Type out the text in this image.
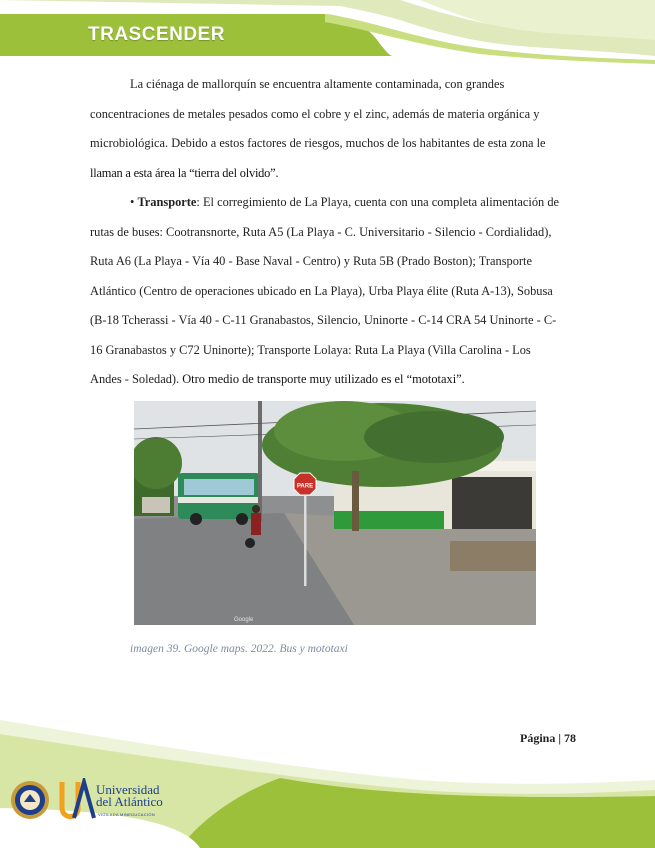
TRASCENDER
La ciénaga de mallorquín se encuentra altamente contaminada, con grandes
concentraciones de metales pesados como el cobre y el zinc, además de materia orgánica y
microbiológica. Debido a estos factores de riesgos, muchos de los habitantes de esta zona le
llaman a esta área la “tierra del olvido”.
• Transporte: El corregimiento de La Playa, cuenta con una completa alimentación de
rutas de buses: Cootransnorte, Ruta A5 (La Playa - C. Universitario - Silencio - Cordialidad),
Ruta A6 (La Playa - Vía 40 - Base Naval - Centro) y Ruta 5B (Prado Boston); Transporte
Atlántico (Centro de operaciones ubicado en La Playa), Urba Playa élite (Ruta A-13), Sobusa
(B-18 Tcherassi - Vía 40 - C-11 Granabastos, Silencio, Uninorte - C-14 CRA 54 Uninorte - C-
16 Granabastos y C72 Uninorte); Transporte Lolaya: Ruta La Playa (Villa Carolina - Los
Andes - Soledad). Otro medio de transporte muy utilizado es el “mototaxi”.
PARE
Google
imagen 39. Google maps. 2022. Bus y mototaxi
Página | 78
Universidad
del Atlántico
VIGILADA MINEDUCACIÓN
